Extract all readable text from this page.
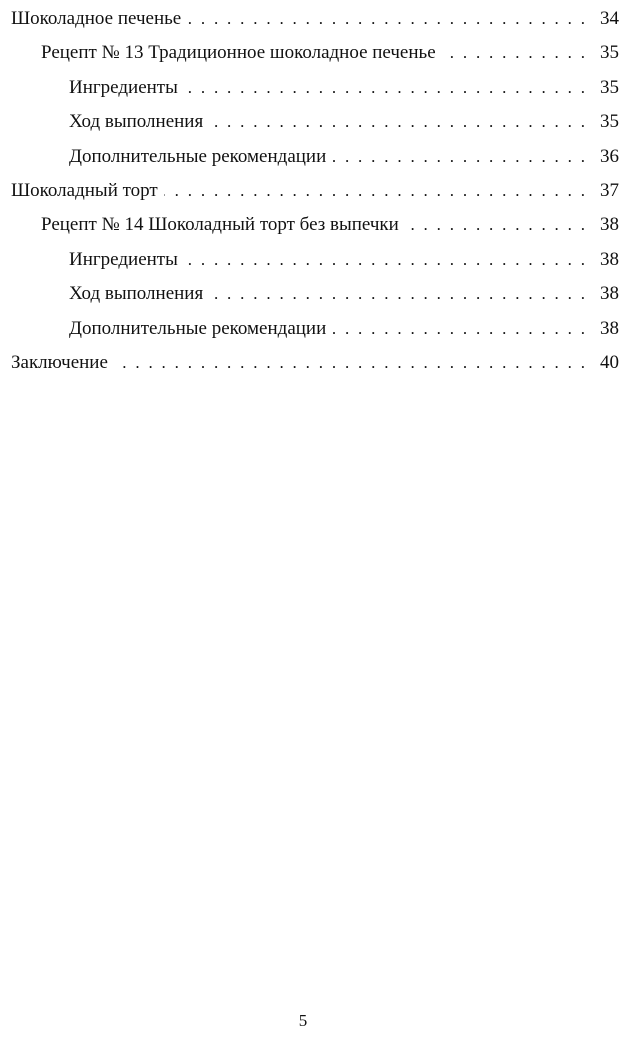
Шоколадное печенье . . .	34
Рецепт № 13 Традиционное шоколадное печенье . . .	35
Ингредиенты . . .	35
Ход выполнения . . .	35
Дополнительные рекомендации . . .	36
Шоколадный торт . . .	37
Рецепт № 14 Шоколадный торт без выпечки . . .	38
Ингредиенты . . .	38
Ход выполнения . . .	38
Дополнительные рекомендации . . .	38
Заключение . . .	40
5
